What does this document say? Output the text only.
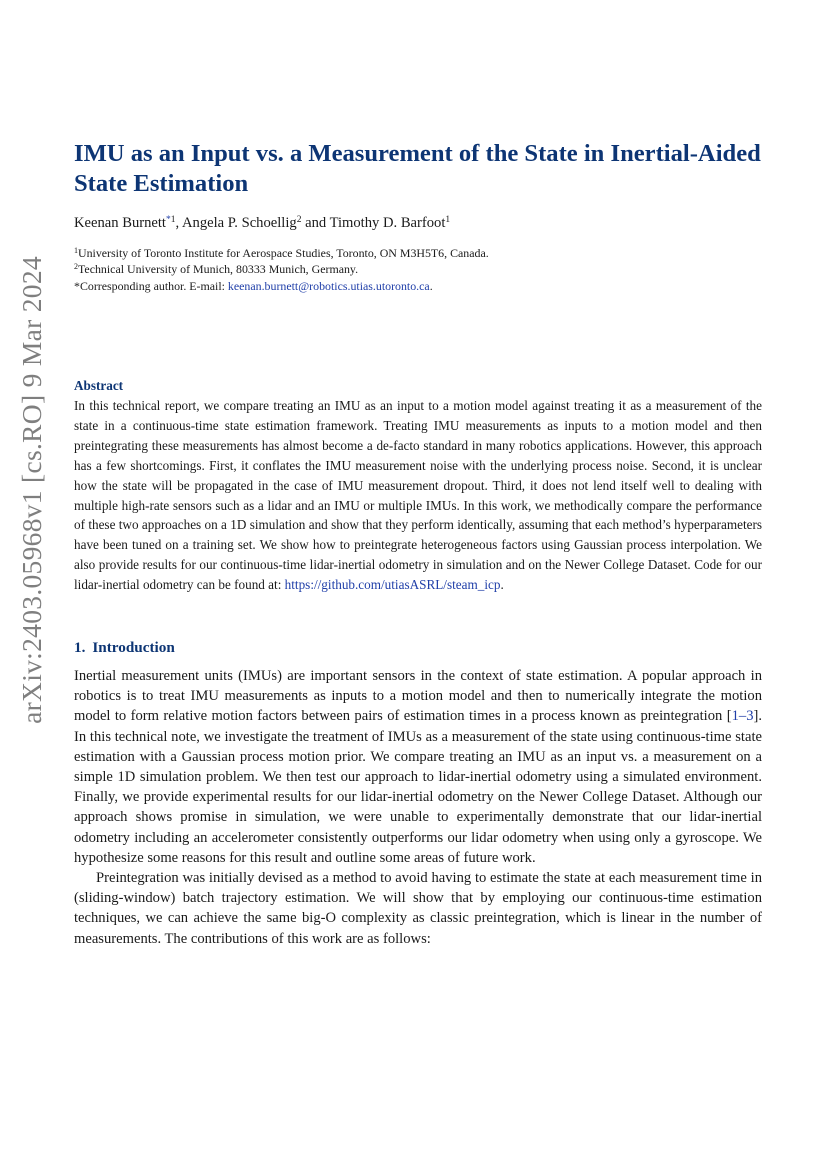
arXiv:2403.05968v1 [cs.RO] 9 Mar 2024
IMU as an Input vs. a Measurement of the State in Inertial-Aided State Estimation
Keenan Burnett$^{*1}$, Angela P. Schoellig$^2$ and Timothy D. Barfoot$^1$
$^1$University of Toronto Institute for Aerospace Studies, Toronto, ON M3H5T6, Canada.
$^2$Technical University of Munich, 80333 Munich, Germany.
*Corresponding author. E-mail: keenan.burnett@robotics.utias.utoronto.ca.
Abstract

In this technical report, we compare treating an IMU as an input to a motion model against treating it as a measurement of the state in a continuous-time state estimation framework. Treating IMU measurements as inputs to a motion model and then preintegrating these measurements has almost become a de-facto standard in many robotics applications. However, this approach has a few shortcomings. First, it conflates the IMU measurement noise with the underlying process noise. Second, it is unclear how the state will be propagated in the case of IMU measurement dropout. Third, it does not lend itself well to dealing with multiple high-rate sensors such as a lidar and an IMU or multiple IMUs. In this work, we methodically compare the performance of these two approaches on a 1D simulation and show that they perform identically, assuming that each method’s hyperparameters have been tuned on a training set. We show how to preintegrate heterogeneous factors using Gaussian process interpolation. We also provide results for our continuous-time lidar-inertial odometry in simulation and on the Newer College Dataset. Code for our lidar-inertial odometry can be found at: https://github.com/utiasASRL/steam_icp.

1. Introduction

Inertial measurement units (IMUs) are important sensors in the context of state estimation. A popular approach in robotics is to treat IMU measurements as inputs to a motion model and then to numerically integrate the motion model to form relative motion factors between pairs of estimation times in a process known as preintegration [1–3]. In this technical note, we investigate the treatment of IMUs as a measurement of the state using continuous-time state estimation with a Gaussian process motion prior. We compare treating an IMU as an input vs. a measurement on a simple 1D simulation problem. We then test our approach to lidar-inertial odometry using a simulated environment. Finally, we provide experimental results for our lidar-inertial odometry on the Newer College Dataset. Although our approach shows promise in simulation, we were unable to experimentally demonstrate that our lidar-inertial odometry including an accelerometer consistently outperforms our lidar odometry when using only a gyroscope. We hypothesize some reasons for this result and outline some areas of future work.

Preintegration was initially devised as a method to avoid having to estimate the state at each measurement time in (sliding-window) batch trajectory estimation. We will show that by employing our continuous-time estimation techniques, we can achieve the same big-O complexity as classic preintegration, which is linear in the number of measurements. The contributions of this work are as follows:
